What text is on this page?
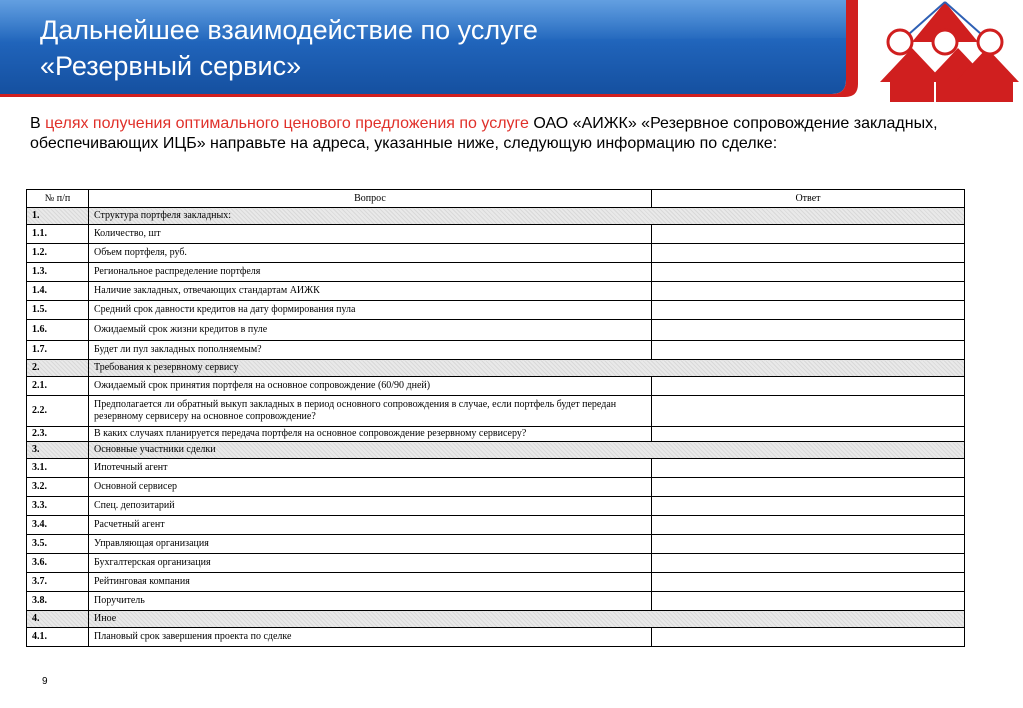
Дальнейшее взаимодействие по услуге
«Резервный сервис»
В целях получения оптимального ценового предложения по услуге ОАО «АИЖК» «Резервное сопровождение закладных, обеспечивающих ИЦБ» направьте на адреса, указанные ниже, следующую информацию по сделке:
№ п/п	Вопрос	Ответ
1.	Структура портфеля закладных:	
1.1.	Количество, шт	
1.2.	Объем портфеля, руб.	
1.3.	Региональное распределение портфеля	
1.4.	Наличие закладных, отвечающих стандартам АИЖК	
1.5.	Средний срок давности кредитов на дату формирования пула	
1.6.	Ожидаемый срок жизни кредитов в пуле	
1.7.	Будет ли пул закладных пополняемым?	
2.	Требования к резервному сервису	
2.1.	Ожидаемый срок принятия портфеля на основное сопровождение (60/90 дней)	
2.2.	Предполагается ли обратный выкуп закладных в период основного сопровождения в случае, если портфель будет передан резервному сервисеру на основное сопровождение?	
2.3.	В каких случаях планируется передача портфеля на основное сопровождение резервному сервисеру?	
3.	Основные участники сделки	
3.1.	Ипотечный агент	
3.2.	Основной сервисер	
3.3.	Спец. депозитарий	
3.4.	Расчетный агент	
3.5.	Управляющая организация	
3.6.	Бухгалтерская организация	
3.7.	Рейтинговая компания	
3.8.	Поручитель	
4.	Иное	
4.1.	Плановый срок завершения проекта по сделке	
9
